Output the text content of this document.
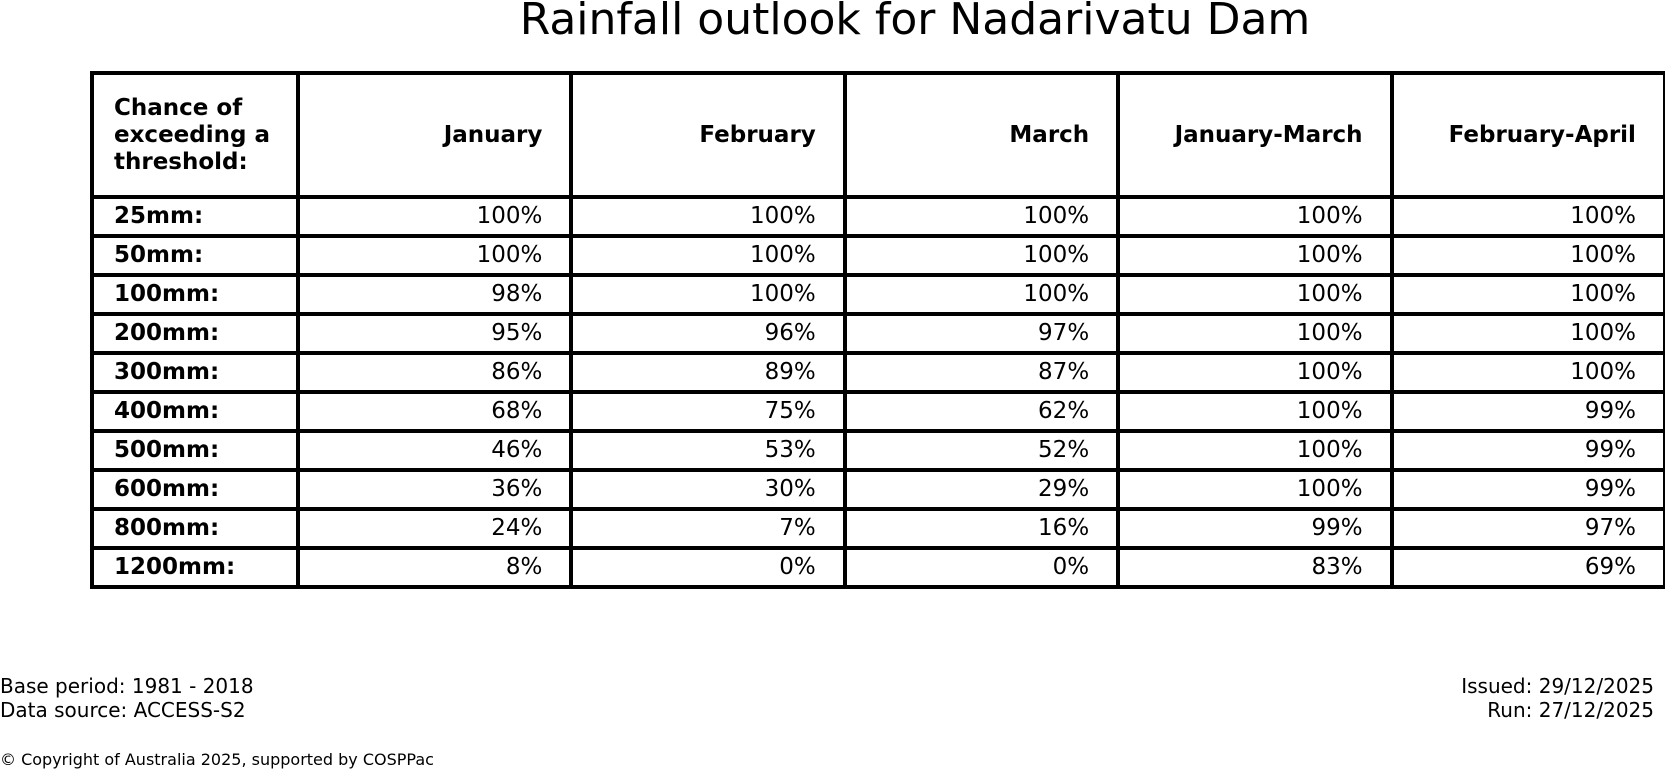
Rainfall outlook for Nadarivatu Dam
Chance of exceeding a threshold:	January	February	March	January-March	February-April
25mm:	100%	100%	100%	100%	100%
50mm:	100%	100%	100%	100%	100%
100mm:	98%	100%	100%	100%	100%
200mm:	95%	96%	97%	100%	100%
300mm:	86%	89%	87%	100%	100%
400mm:	68%	75%	62%	100%	99%
500mm:	46%	53%	52%	100%	99%
600mm:	36%	30%	29%	100%	99%
800mm:	24%	7%	16%	99%	97%
1200mm:	8%	0%	0%	83%	69%
Base period: 1981 - 2018
Data source: ACCESS-S2
Issued: 29/12/2025
Run: 27/12/2025
© Copyright of Australia 2025, supported by COSPPac
